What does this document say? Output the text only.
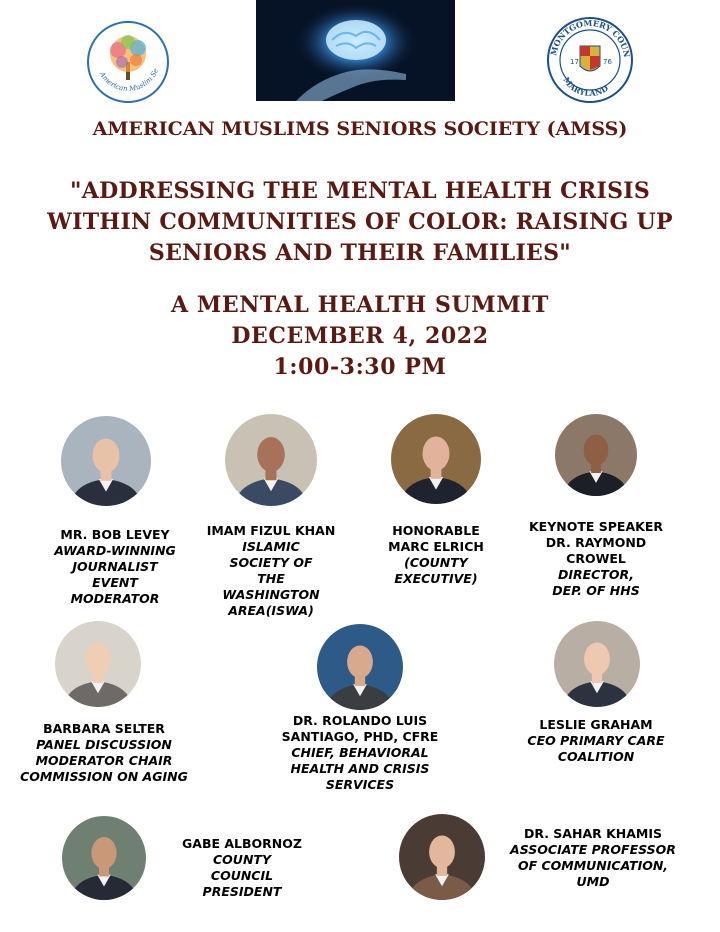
American Muslim Se
MONTGOMERY COUN
MARYLAND
17	76
AMERICAN MUSLIMS SENIORS SOCIETY (AMSS)
"ADDRESSING THE MENTAL HEALTH CRISIS WITHIN COMMUNITIES OF COLOR: RAISING UP SENIORS AND THEIR FAMILIES"
A MENTAL HEALTH SUMMIT
DECEMBER 4, 2022
1:00-3:30 PM
MR. BOB LEVEY
AWARD-WINNING JOURNALIST EVENT MODERATOR
IMAM FIZUL KHAN
ISLAMIC SOCIETY OF THE WASHINGTON AREA(ISWA)
HONORABLE MARC ELRICH
(COUNTY EXECUTIVE)
KEYNOTE SPEAKER DR. RAYMOND CROWEL
DIRECTOR, DEP. OF HHS
BARBARA SELTER
PANEL DISCUSSION MODERATOR CHAIR COMMISSION ON AGING
DR. ROLANDO LUIS SANTIAGO, PHD, CFRE
CHIEF, BEHAVIORAL HEALTH AND CRISIS SERVICES
LESLIE GRAHAM
CEO PRIMARY CARE COALITION
GABE ALBORNOZ
COUNTY COUNCIL PRESIDENT
DR. SAHAR KHAMIS
ASSOCIATE PROFESSOR OF COMMUNICATION, UMD
